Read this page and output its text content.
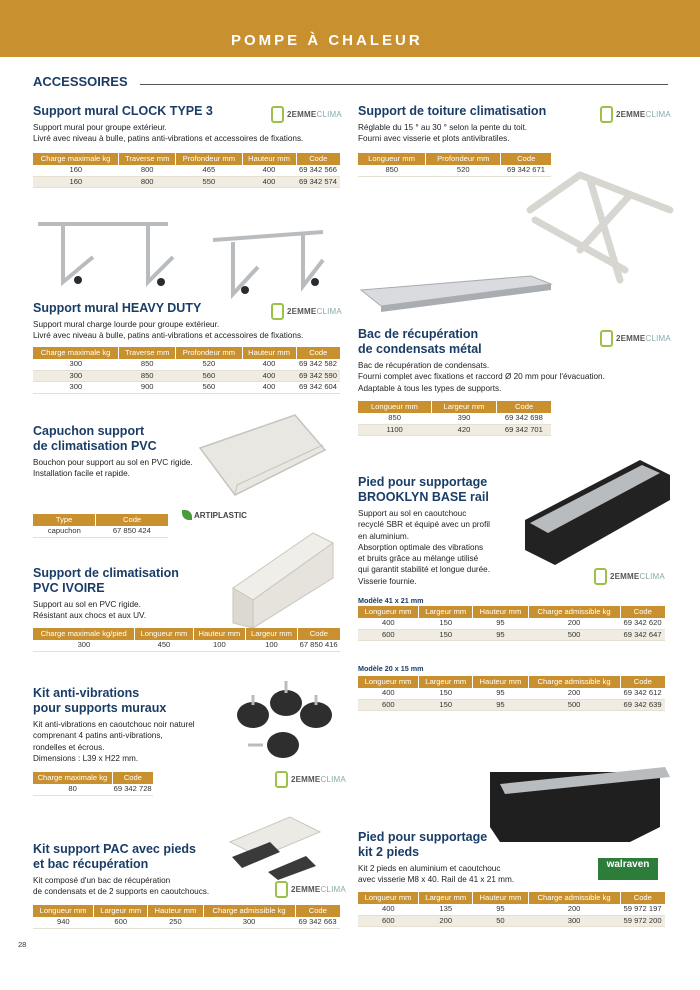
POMPE À CHALEUR
ACCESSOIRES
Support mural CLOCK TYPE 3
Support mural pour groupe extérieur.
Livré avec niveau à bulle, patins anti-vibrations et accessoires de fixations.
2EMMECLIMA
Charge maximale kg	Traverse mm	Profondeur mm	Hauteur mm	Code
160	800	465	400	69 342 566
160	800	550	400	69 342 574
Support mural HEAVY DUTY
Support mural charge lourde pour groupe extérieur.
Livré avec niveau à bulle, patins anti-vibrations et accessoires de fixations.
2EMMECLIMA
Charge maximale kg	Traverse mm	Profondeur mm	Hauteur mm	Code
300	850	520	400	69 342 582
300	850	560	400	69 342 590
300	900	560	400	69 342 604
Capuchon support
de climatisation PVC
Bouchon pour support au sol en PVC rigide.
Installation facile et rapide.
Type	Code
capuchon	67 850 424
ARTIPLASTIC
Support de climatisation
PVC IVOIRE
Support au sol en PVC rigide.
Résistant aux chocs et aux UV.
Charge maximale kg/pied	Longueur mm	Hauteur mm	Largeur mm	Code
300	450	100	100	67 850 416
Kit anti-vibrations
pour supports muraux
Kit anti-vibrations en caoutchouc noir naturel
comprenant 4 patins anti-vibrations,
rondelles et écrous.
Dimensions : L39 x H22 mm.
Charge maximale kg	Code
80	69 342 728
2EMMECLIMA
Kit support PAC avec pieds
et bac récupération
Kit composé d'un bac de récupération
de condensats et de 2 supports en caoutchoucs.	2EMMECLIMA
Longueur mm	Largeur mm	Hauteur mm	Charge admissible kg	Code
940	600	250	300	69 342 663
Support de toiture climatisation
Réglable du 15 ° au 30 ° selon la pente du toit.
Fourni avec visserie et plots antivibratiles.
2EMMECLIMA
Longueur mm	Profondeur mm	Code
850	520	69 342 671
Bac de récupération
de condensats métal
Bac de récupération de condensats.
Fourni complet avec fixations et raccord Ø 20 mm pour l'évacuation.
Adaptable à tous les types de supports.
2EMMECLIMA
Longueur mm	Largeur mm	Code
850	390	69 342 698
1100	420	69 342 701
Pied pour supportage
BROOKLYN BASE rail
Support au sol en caoutchouc
recyclé SBR et équipé avec un profil
en aluminium.
Absorption optimale des vibrations
et bruits grâce au mélange utilisé
qui garantit stabilité et longue durée.
Visserie fournie.
2EMMECLIMA
Modèle 41 x 21 mm
Longueur mm	Largeur mm	Hauteur mm	Charge admissible kg	Code
400	150	95	200	69 342 620
600	150	95	500	69 342 647
Modèle 20 x 15 mm
Longueur mm	Largeur mm	Hauteur mm	Charge admissible kg	Code
400	150	95	200	69 342 612
600	150	95	500	69 342 639
Pied pour supportage
kit 2 pieds
Kit 2 pieds en aluminium et caoutchouc
avec visserie M8 x 40. Rail de 41 x 21 mm.
walraven
Longueur mm	Largeur mm	Hauteur mm	Charge admissible kg	Code
400	135	95	200	59 972 197
600	200	50	300	59 972 200
28
